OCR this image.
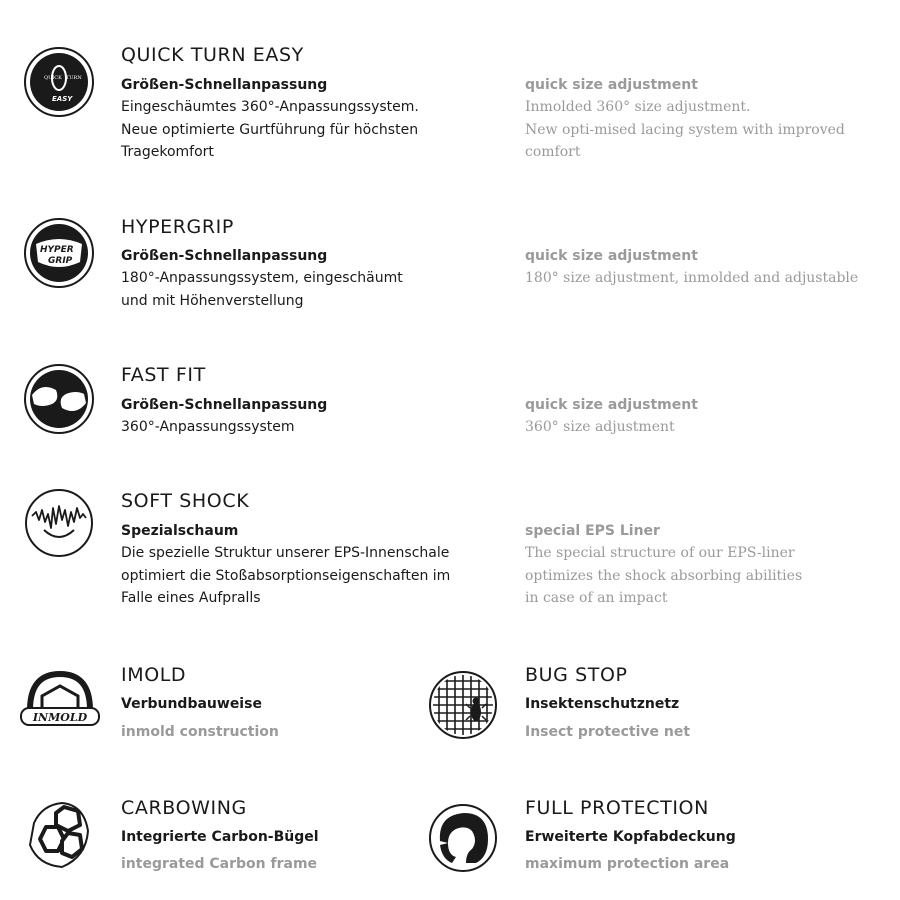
QUICK TURN
EASY
QUICK TURN EASY
Größen-Schnellanpassung
Eingeschäumtes 360°-Anpassungssystem.
Neue optimierte Gurtführung für höchsten
Tragekomfort
quick size adjustment
Inmolded 360° size adjustment.
New opti-mised lacing system with improved
comfort
HYPER
GRIP
HYPERGRIP
Größen-Schnellanpassung
180°-Anpassungssystem, eingeschäumt
und mit Höhenverstellung
quick size adjustment
180° size adjustment, inmolded and adjustable
FAST FIT
Größen-Schnellanpassung
360°-Anpassungssystem
quick size adjustment
360° size adjustment
SOFT SHOCK
Spezialschaum
Die spezielle Struktur unserer EPS-Innenschale
optimiert die Stoßabsorptionseigenschaften im
Falle eines Aufpralls
special EPS Liner
The special structure of our EPS-liner
optimizes the shock absorbing abilities
in case of an impact
INMOLD
IMOLD
Verbundbauweise
inmold construction
BUG STOP
Insektenschutznetz
Insect protective net
CARBOWING
Integrierte Carbon-Bügel
integrated Carbon frame
FULL PROTECTION
Erweiterte Kopfabdeckung
maximum protection area
